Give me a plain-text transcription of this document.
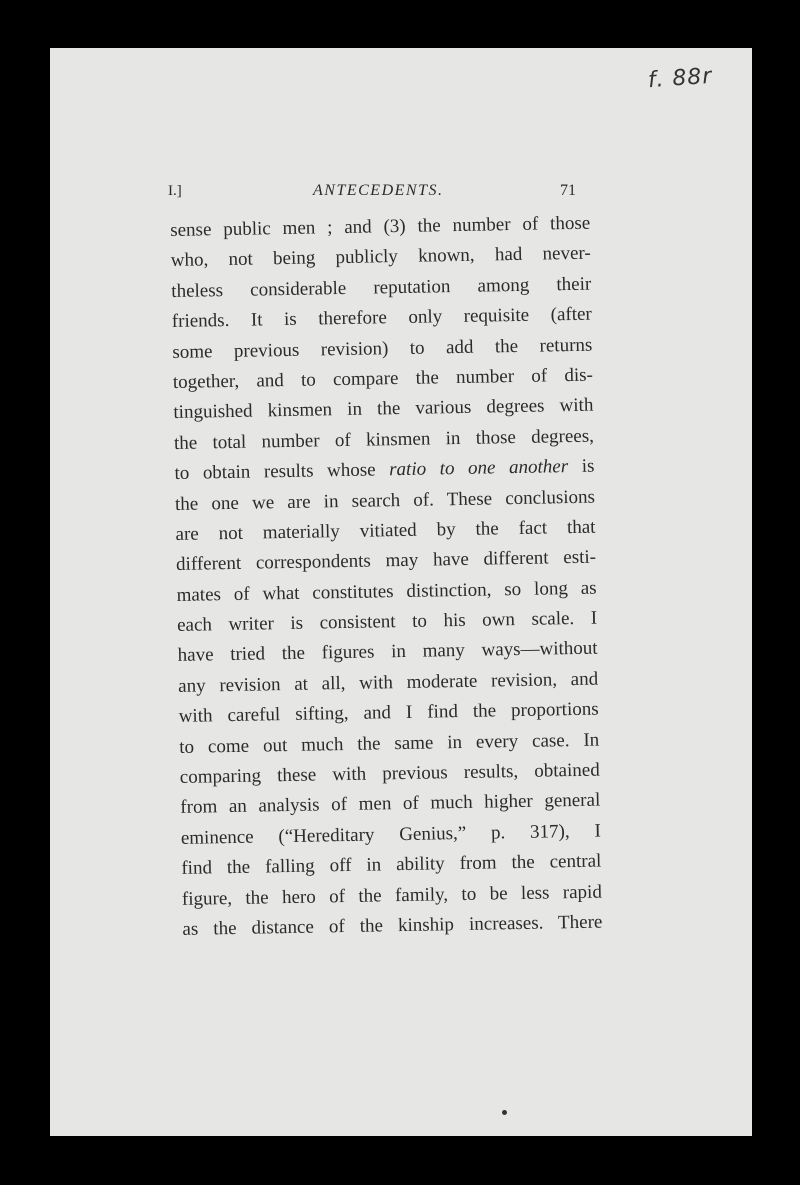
f. 88r
I.]	ANTECEDENTS.	71
sense public men ; and (3) the number of those
who, not being publicly known, had never-
theless considerable reputation among their
friends. It is therefore only requisite (after
some previous revision) to add the returns
together, and to compare the number of dis-
tinguished kinsmen in the various degrees with
the total number of kinsmen in those degrees,
to obtain results whose ratio to one another is
the one we are in search of. These conclusions
are not materially vitiated by the fact that
different correspondents may have different esti-
mates of what constitutes distinction, so long as
each writer is consistent to his own scale. I
have tried the figures in many ways—without
any revision at all, with moderate revision, and
with careful sifting, and I find the proportions
to come out much the same in every case. In
comparing these with previous results, obtained
from an analysis of men of much higher general
eminence (“Hereditary Genius,” p. 317), I
find the falling off in ability from the central
figure, the hero of the family, to be less rapid
as the distance of the kinship increases. There
